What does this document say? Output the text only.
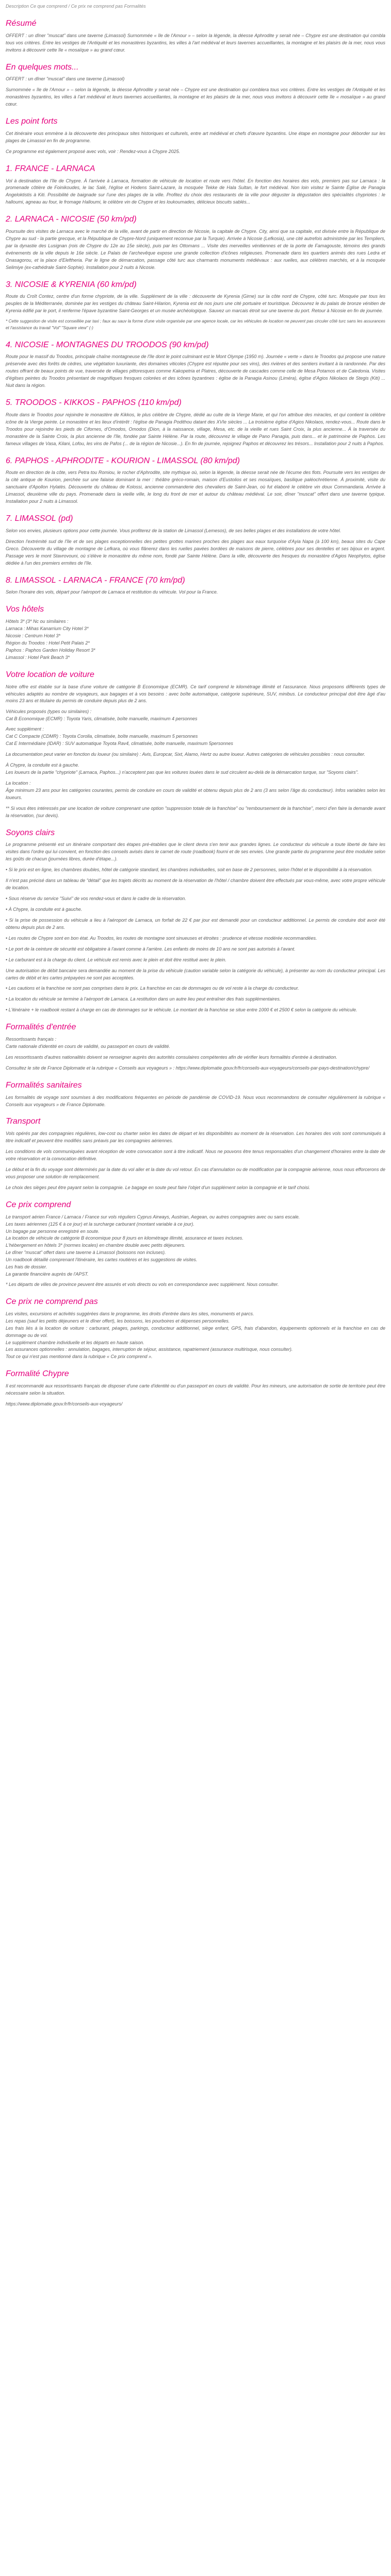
Description Ce que comprend / Ce prix ne comprend pas Formalités
Résumé

OFFERT : un dîner "muscat" dans une taverne (Limassol) Surnommée « île de l'Amour » – selon la légende, la déesse Aphrodite y serait née – Chypre est une destination qui combla tous vos critères. Entre les vestiges de l'Antiquité et les monastères byzantins, les villes à l'art médiéval et leurs tavernes accueillantes, la montagne et les plaisirs de la mer, nous vous invitons à découvrir cette île « mosaïque » au grand cœur.

En quelques mots...

OFFERT : un dîner "muscat" dans une taverne (Limassol)

Surnommée « île de l'Amour » – selon la légende, la déesse Aphrodite y serait née – Chypre est une destination qui comblera tous vos critères. Entre les vestiges de l'Antiquité et les monastères byzantins, les villes à l'art médiéval et leurs tavernes accueillantes, la montagne et les plaisirs de la mer, nous vous invitons à découvrir cette île « mosaïque » au grand cœur.

Les point forts

Cet itinéraire vous emmène à la découverte des principaux sites historiques et culturels, entre art médiéval et chefs d'œuvre byzantins. Une étape en montagne pour déborder sur les plages de Limassol en fin de programme.

Ce programme est également proposé avec vols, voir : Rendez-vous à Chypre 2025.

1. FRANCE - LARNACA

Vol à destination de l'île de Chypre. À l'arrivée à Larnaca, formation de véhicule de location et route vers l'hôtel. En fonction des horaires des vols, premiers pas sur Larnaca : la promenade côtière de Foinikoudes, le lac Salé, l'église et Hodens Saint-Lazare, la mosquée Tekke de Hala Sultan, le fort médiéval. Non loin visitez le Sainte Église de Panagia Angeloktistis à Kiti. Possibilité de baignade sur l'une des plages de la ville. Profitez du choix des restaurants de la ville pour déguster la dégustation des spécialités chypriotes : le halloumi, agneau au four, le fromage Halloumi, le célèbre vin de Chypre et les loukoumades, délicieux biscuits sablés...

2. LARNACA - NICOSIE (50 km/pd)

Poursuite des visites de Larnaca avec le marché de la ville, avant de partir en direction de Nicosie, la capitale de Chypre. City, ainsi que sa capitale, est divisée entre la République de Chypre au sud - la partie grecque, et la République de Chypre-Nord (uniquement reconnue par la Turquie). Arrivée à Nicosie (Lefkosia), une cité autrefois administrée par les Templiers, par la dynastie des Lusignan (rois de Chypre du 12e au 15e siècle), puis par les Ottomans ... Visite des merveilles vénitiennes et de la porte de Famagouste, témoins des grands événements de la ville depuis le 16e siècle. Le Palais de l'archevêque expose une grande collection d'icônes religieuses. Promenade dans les quartiers animés des rues Ledra et Onasagorou, et la place d'Eleftheria. Par le ligne de démarcation, passage côté turc aux charmants monuments médiévaux : aux ruelles, aux célébres marchés, et à la mosquée Selimiye (ex-cathédrale Saint-Sophie). Installation pour 2 nuits à Nicosie.

3. NICOSIE & KYRENIA (60 km/pd)

Route du Croît Contez, centre d'un forme chypriote, de la ville. Supplément de la ville : découverte de Kyrenia (Girne) sur la côte nord de Chypre, côté turc. Mosquée par tous les peuples de la Méditerranée, dominée par les vestiges du château Saint-Hilarion, Kyrenia est de nos jours une cité portuaire et touristique. Découvrez le du palais de bronze vénitien de Kyrenia édifié par le port, il renferme l'épave byzantine Saint-Georges et un musée archéologique. Sauvez un marcais étroit sur une taverne du port. Retour à Nicosie en fin de journée.

* Cette suggestion de visite est conseillée par taxi ; faux au sauv la forme d'une visite organisée par une agence locale, car les véhicules de location ne peuvent pas circuler côté turc sans les assurances et l'assistance du travail "Vol" "Square view" (-)

4. NICOSIE - MONTAGNES DU TROODOS (90 km/pd)

Route pour le massif du Troodos, principale chaîne montagneuse de l'île dont le point culminant est le Mont Olympe (1950 m). Journée « verte » dans le Troodos qui propose une nature préservée avec des forêts de cèdres, une végétation luxuriante, des domaines viticoles (Chypre est réputée pour ses vins), des rivières et des sentiers invitant à la randonnée. Par des routes offrant de beaux points de vue, traversée de villages pittoresques comme Kakopetria et Platres, découverte de cascades comme celle de Mesa Potamos et de Caledonia. Visites d'églises peintes du Troodos présentant de magnifiques fresques colorées et des icônes byzantines : église de la Panagia Asinou (Liméra), église d'Agios Nikolaos de Stegis (Kiti) ... Nuit dans la région.

5. TROODOS - KIKKOS - PAPHOS (110 km/pd)

Route dans le Troodos pour rejoindre le monastère de Kikkos, le plus célèbre de Chypre, dédié au culte de la Vierge Marie, et qui l'on attribue des miracles, et qui contient la célèbre icône de la Vierge peinte. Le monastère et les lieux d'intérêt : l'église de Panagia Podithou datant des XVIe siècles ... La troisième église d'Agios Nikolaos, rendez-vous... Route dans le Troodos pour rejoindre les pieds de Cifornes, d'Omodos, Omodos (Dion, à la naissance, village, Mesa, etc. de la vieille et rues Saint Croix, la plus ancienne... À la traversée du monastère de la Sainte Croix, la plus ancienne de l'île, fondée par Sainte Hélène. Par la route, découvrez le village de Pano Panagia, puis dans... et le patrimoine de Paphos. Les fameux villages de Vasa, Kilani, Lofou, les vins de Pafos (... de la région de Nicosie...). En fin de journée, rejoignez Paphos et découvrez les trésors... Installation pour 2 nuits à Paphos.

6. PAPHOS - APHRODITE - KOURION - LIMASSOL (80 km/pd)

Route en direction de la côte, vers Petra tou Romiou, le rocher d'Aphrodite, site mythique où, selon la légende, la déesse serait née de l'écume des flots. Poursuite vers les vestiges de la cité antique de Kourion, perchée sur une falaise dominant la mer : théâtre gréco-romain, maison d'Eustolios et ses mosaïques, basilique paléochrétienne. À proximité, visite du sanctuaire d'Apollon Hylatès. Découverte du château de Kolossi, ancienne commanderie des chevaliers de Saint-Jean, où fut élaboré le célèbre vin doux Commandaria. Arrivée à Limassol, deuxième ville du pays. Promenade dans la vieille ville, le long du front de mer et autour du château médiéval. Le soir, dîner "muscat" offert dans une taverne typique. Installation pour 2 nuits à Limassol.

7. LIMASSOL (pd)

Selon vos envies, plusieurs options pour cette journée. Vous profiterez de la station de Limassol (Lemesos), de ses belles plages et des installations de votre hôtel.

Direction l'extrémité sud de l'île et de ses plages exceptionnelles des petites grottes marines proches des plages aux eaux turquoise d'Ayia Napa (à 100 km), beaux sites du Cape Greco. Découverte du village de montagne de Lefkara, où vous flânerez dans les ruelles pavées bordées de maisons de pierre, célèbres pour ses dentelles et ses bijoux en argent. Passage vers le mont Stavrovouni, où s'élève le monastère du même nom, fondé par Sainte Hélène. Dans la ville, découverte des fresques du monastère d'Agios Neophytos, église dédiée à l'un des premiers ermites de l'île.

8. LIMASSOL - LARNACA - FRANCE (70 km/pd)

Selon l'horaire des vols, départ pour l'aéroport de Larnaca et restitution du véhicule. Vol pour la France.

Vos hôtels

Hôtels 3* (3* Nc ou similaires :

Larnaca : Mihas Kanarrium City Hotel 3*

Nicosie : Centrum Hotel 3*

Région du Troodos : Hotel Petit Palais 2*

Paphos : Paphos Garden Holiday Resort 3*

Limassol : Hotel Park Beach 3*

Votre location de voiture

Notre offre est établie sur la base d'une voiture de catégorie B Economique (ECMR). Ce tarif comprend le kilométrage illimité et l'assurance. Nous proposons différents types de véhicules adaptés au nombre de voyageurs, aux bagages et à vos besoins : avec boîte automatique, catégorie supérieure, SUV, minibus. Le conducteur principal doit être âgé d'au moins 23 ans et titulaire du permis de conduire depuis plus de 2 ans.

Véhicules proposés (types ou similaires) :

Cat B Economique (ECMR) : Toyota Yaris, climatisée, boîte manuelle, maximum 4 personnes

Avec supplément :

Cat C Compacte (CDMR) : Toyota Corolla, climatisée, boîte manuelle, maximum 5 personnes

Cat E Intermédiaire (IDAR) : SUV automatique Toyota Rav4, climatisée, boîte manuelle, maximum 5personnes

La documentation peut varier en fonction du loueur (ou similaire) : Avis, Europcar, Sixt, Alamo, Hertz ou autre loueur. Autres catégories de véhicules possibles : nous consulter.

À Chypre, la conduite est à gauche.

Les loueurs de la partie "chypriote" (Larnaca, Paphos...) n'acceptent pas que les voitures louées dans le sud circulent au-delà de la démarcation turque, sur "Soyons clairs".

La location :

Âge minimum 23 ans pour les catégories courantes, permis de conduire en cours de validité et obtenu depuis plus de 2 ans (3 ans selon l'âge du conducteur). Infos variables selon les loueurs.

** Si vous êtes intéressés par une location de voiture comprenant une option "suppression totale de la franchise" ou "remboursement de la franchise", merci d'en faire la demande avant la réservation, (sur devis).

Soyons clairs

Le programme présenté est un itinéraire comportant des étapes pré-établies que le client devra s'en tenir aux grandes lignes. Le conducteur du véhicule a toute liberté de faire les visites dans l'ordre qui lui convient, en fonction des conseils avisés dans le carnet de route (roadbook) fourni et de ses envies. Une grande partie du programme peut être modulée selon les goûts de chacun (journées libres, durée d'étape...).

• Si le prix est en ligne, les chambres doubles, hôtel de catégorie standard, les chambres individuelles, soit en base de 2 personnes, selon l'hôtel et le disponibilité à la réservation.

Il n'est pas précisé dans un tableau de "détail" que les trajets décrits au moment de la réservation de l'hôtel / chambre doivent être effectués par vous-même, avec votre propre véhicule de location.

• Sous réserve du service "Suivi" de vos rendez-vous et dans le cadre de la réservation.

• À Chypre, la conduite est à gauche.

• Si la prise de possession du véhicule a lieu à l'aéroport de Larnaca, un forfait de 22 € par jour est demandé pour un conducteur additionnel. Le permis de conduire doit avoir été obtenu depuis plus de 2 ans.

• Les routes de Chypre sont en bon état. Au Troodos, les routes de montagne sont sinueuses et étroites : prudence et vitesse modérée recommandées.

• Le port de la ceinture de sécurité est obligatoire à l'avant comme à l'arrière. Les enfants de moins de 10 ans ne sont pas autorisés à l'avant.

• Le carburant est à la charge du client. Le véhicule est remis avec le plein et doit être restitué avec le plein.

Une autorisation de débit bancaire sera demandée au moment de la prise du véhicule (caution variable selon la catégorie du véhicule), à présenter au nom du conducteur principal. Les cartes de débit et les cartes prépayées ne sont pas acceptées.

• Les cautions et la franchise ne sont pas comprises dans le prix. La franchise en cas de dommages ou de vol reste à la charge du conducteur.

• La location du véhicule se termine à l'aéroport de Larnaca. La restitution dans un autre lieu peut entraîner des frais supplémentaires.

• L'itinéraire + le roadbook restant à charge en cas de dommages sur le véhicule. Le montant de la franchise se situe entre 1000 € et 2500 € selon la catégorie du véhicule.

Formalités d'entrée

Ressortissants français :

Carte nationale d'identité en cours de validité, ou passeport en cours de validité.

Les ressortissants d'autres nationalités doivent se renseigner auprès des autorités consulaires compétentes afin de vérifier leurs formalités d'entrée à destination.

Consultez le site de France Diplomatie et la rubrique « Conseils aux voyageurs » : https://www.diplomatie.gouv.fr/fr/conseils-aux-voyageurs/conseils-par-pays-destination/chypre/

Formalités sanitaires

Les formalités de voyage sont soumises à des modifications fréquentes en période de pandémie de COVID-19. Nous vous recommandons de consulter régulièrement la rubrique « Conseils aux voyageurs » de France Diplomatie.

Transport

Vols opérés par des compagnies régulières, low-cost ou charter selon les dates de départ et les disponibilités au moment de la réservation. Les horaires des vols sont communiqués à titre indicatif et peuvent être modifiés sans préavis par les compagnies aériennes.

Les conditions de vols communiquées avant réception de votre convocation sont à titre indicatif. Nous ne pouvons être tenus responsables d'un changement d'horaires entre la date de votre réservation et la convocation définitive.

Le début et la fin du voyage sont déterminés par la date du vol aller et la date du vol retour. En cas d'annulation ou de modification par la compagnie aérienne, nous nous efforcerons de vous proposer une solution de remplacement.

Le choix des sièges peut être payant selon la compagnie. Le bagage en soute peut faire l'objet d'un supplément selon la compagnie et le tarif choisi.

Ce prix comprend

Le transport aérien France / Larnaca / France sur vols réguliers Cyprus Airways, Austrian, Aegean, ou autres compagnies avec ou sans escale.

Les taxes aériennes (125 € à ce jour) et la surcharge carburant (montant variable à ce jour).

Un bagage par personne enregistré en soute.

La location de véhicule de catégorie B économique pour 8 jours en kilométrage illimité, assurance et taxes incluses.

L'hébergement en hôtels 3* (normes locales) en chambre double avec petits déjeuners.

Le dîner "muscat" offert dans une taverne à Limassol (boissons non incluses).

Un roadbook détaillé comprenant l'itinéraire, les cartes routières et les suggestions de visites.

Les frais de dossier.

La garantie financière auprès de l'APST.

* Les départs de villes de province peuvent être assurés et vols directs ou vols en correspondance avec supplément. Nous consulter.

Ce prix ne comprend pas

Les visites, excursions et activités suggérées dans le programme, les droits d'entrée dans les sites, monuments et parcs.

Les repas (sauf les petits déjeuners et le dîner offert), les boissons, les pourboires et dépenses personnelles.

Les frais liés à la location de voiture : carburant, péages, parkings, conducteur additionnel, siège enfant, GPS, frais d'abandon, équipements optionnels et la franchise en cas de dommage ou de vol.

Le supplément chambre individuelle et les départs en haute saison.

Les assurances optionnelles : annulation, bagages, interruption de séjour, assistance, rapatriement (assurance multirisque, nous consulter).

Tout ce qui n'est pas mentionné dans la rubrique « Ce prix comprend ».

Formalité Chypre

Il est recommandé aux ressortissants français de disposer d'une carte d'identité ou d'un passeport en cours de validité. Pour les mineurs, une autorisation de sortie de territoire peut être nécessaire selon la situation.

https://www.diplomatie.gouv.fr/fr/conseils-aux-voyageurs/
